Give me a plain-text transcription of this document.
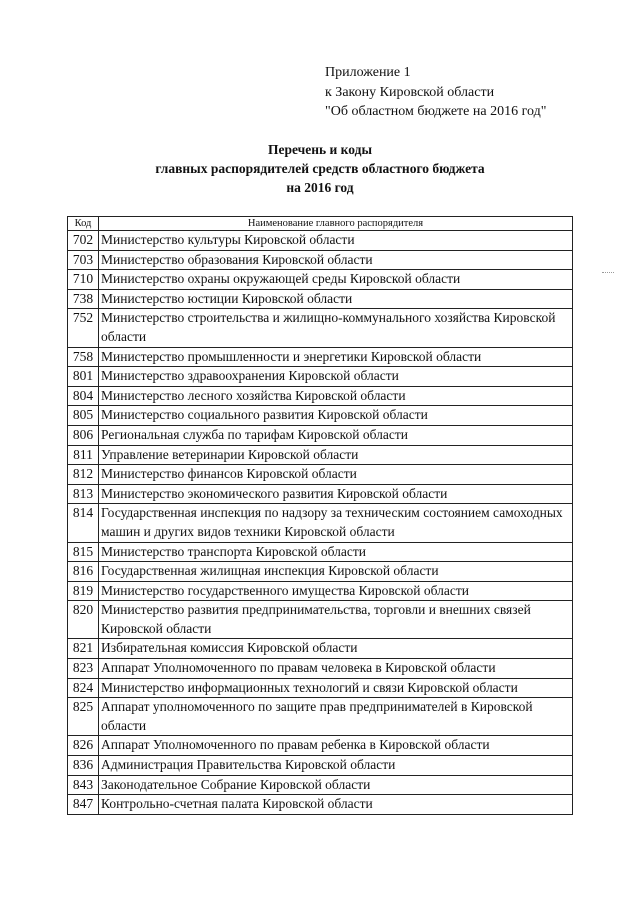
Приложение 1
к Закону Кировской области
"Об областном бюджете на 2016 год"
Перечень и коды
главных распорядителей средств областного бюджета
на 2016 год
Код	Наименование главного распорядителя
702	Министерство культуры Кировской области
703	Министерство образования Кировской области
710	Министерство охраны окружающей среды Кировской области
738	Министерство юстиции Кировской области
752	Министерство строительства и жилищно-коммунального хозяйства Кировской области
758	Министерство промышленности и энергетики Кировской области
801	Министерство здравоохранения Кировской области
804	Министерство лесного хозяйства Кировской области
805	Министерство социального развития Кировской области
806	Региональная служба по тарифам Кировской области
811	Управление ветеринарии Кировской области
812	Министерство финансов Кировской области
813	Министерство экономического развития Кировской области
814	Государственная инспекция по надзору за техническим состоянием самоходных машин и других видов техники Кировской области
815	Министерство транспорта Кировской области
816	Государственная жилищная инспекция Кировской области
819	Министерство государственного имущества Кировской области
820	Министерство развития предпринимательства, торговли и внешних связей Кировской области
821	Избирательная комиссия Кировской области
823	Аппарат Уполномоченного по правам человека в Кировской области
824	Министерство информационных технологий и связи Кировской области
825	Аппарат уполномоченного по защите прав предпринимателей в Кировской области
826	Аппарат Уполномоченного по правам ребенка в Кировской области
836	Администрация Правительства Кировской области
843	Законодательное Собрание Кировской области
847	Контрольно-счетная палата Кировской области
